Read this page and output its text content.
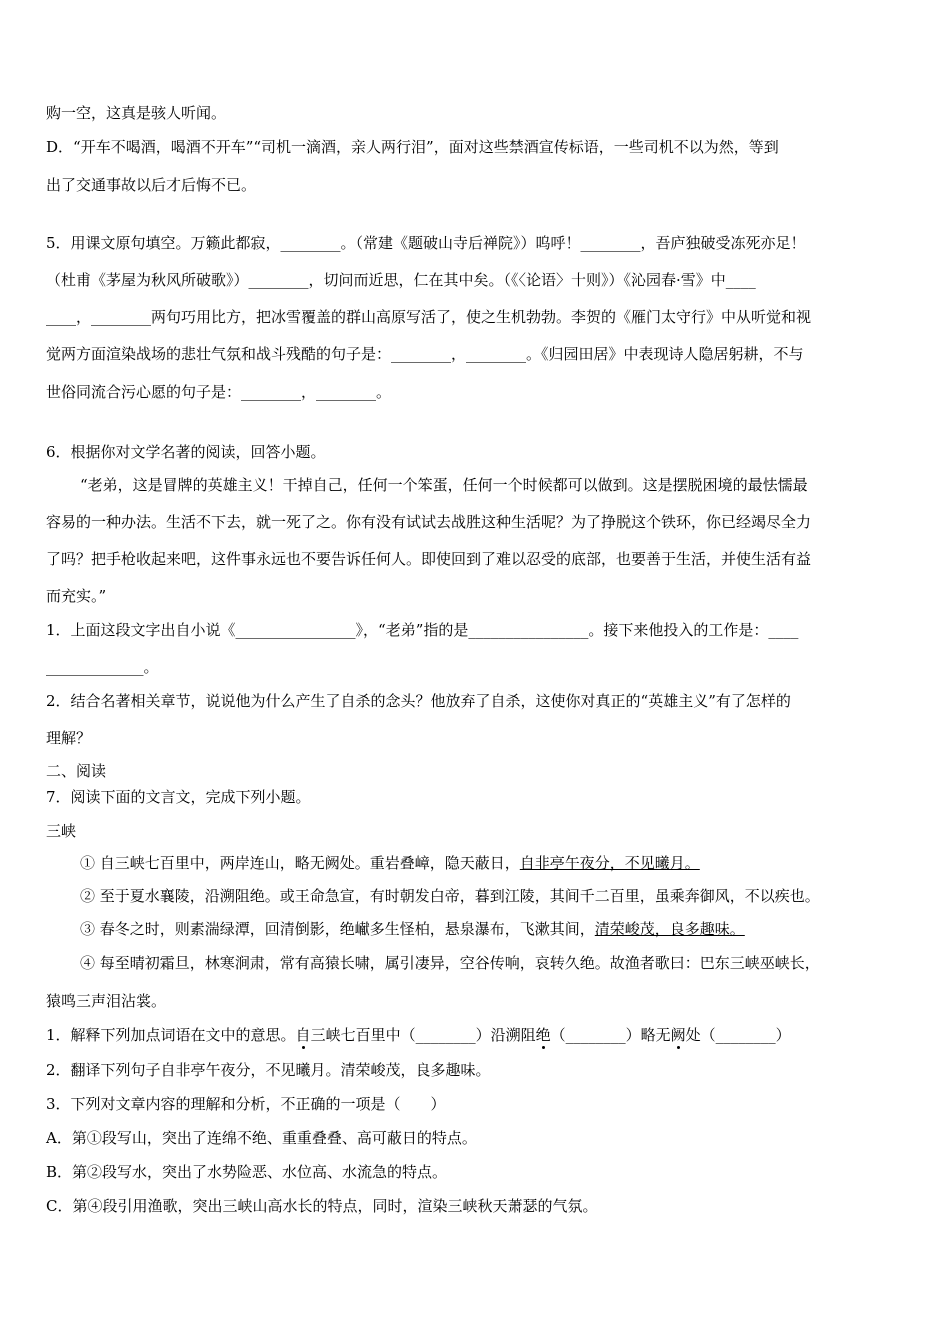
购一空，这真是骇人听闻。
D．“开车不喝酒，喝酒不开车”“司机一滴酒，亲人两行泪”，面对这些禁酒宣传标语，一些司机不以为然，等到
出了交通事故以后才后悔不已。
5．用课文原句填空。万籁此都寂，________。（常建《题破山寺后禅院》）呜呼！________，吾庐独破受冻死亦足！
（杜甫《茅屋为秋风所破歌》）________，切问而近思，仁在其中矣。（《〈论语〉十则》）《沁园春·雪》中____
____，________两句巧用比方，把冰雪覆盖的群山高原写活了，使之生机勃勃。李贺的《雁门太守行》中从听觉和视
觉两方面渲染战场的悲壮气氛和战斗残酷的句子是：________，________。《归园田居》中表现诗人隐居躬耕，不与
世俗同流合污心愿的句子是：________，________。
6．根据你对文学名著的阅读，回答小题。
“老弟，这是冒牌的英雄主义！干掉自己，任何一个笨蛋，任何一个时候都可以做到。这是摆脱困境的最怯懦最
容易的一种办法。生活不下去，就一死了之。你有没有试试去战胜这种生活呢？为了挣脱这个铁环，你已经竭尽全力
了吗？把手枪收起来吧，这件事永远也不要告诉任何人。即使回到了难以忍受的底部，也要善于生活，并使生活有益
而充实。”
1．上面这段文字出自小说《________________》，“老弟”指的是________________。接下来他投入的工作是：____
_____________。
2．结合名著相关章节，说说他为什么产生了自杀的念头？他放弃了自杀，这使你对真正的“英雄主义”有了怎样的
理解？
二、阅读
7．阅读下面的文言文，完成下列小题。
三峡
① 自三峡七百里中，两岸连山，略无阙处。重岩叠嶂，隐天蔽日，自非亭午夜分，不见曦月。
② 至于夏水襄陵，沿溯阻绝。或王命急宣，有时朝发白帝，暮到江陵，其间千二百里，虽乘奔御风，不以疾也。
③ 春冬之时，则素湍绿潭，回清倒影，绝𪩘多生怪柏，悬泉瀑布，飞漱其间，清荣峻茂，良多趣味。
④ 每至晴初霜旦，林寒涧肃，常有高猿长啸，属引凄异，空谷传响，哀转久绝。故渔者歌曰：巴东三峡巫峡长，
猿鸣三声泪沾裳。
1．解释下列加点词语在文中的意思。自三峡七百里中（________）沿溯阻绝（________）略无阙处（________）
2．翻译下列句子自非亭午夜分，不见曦月。清荣峻茂，良多趣味。
3．下列对文章内容的理解和分析，不正确的一项是（　　）
A．第①段写山，突出了连绵不绝、重重叠叠、高可蔽日的特点。
B．第②段写水，突出了水势险恶、水位高、水流急的特点。
C．第④段引用渔歌，突出三峡山高水长的特点，同时，渲染三峡秋天萧瑟的气氛。
